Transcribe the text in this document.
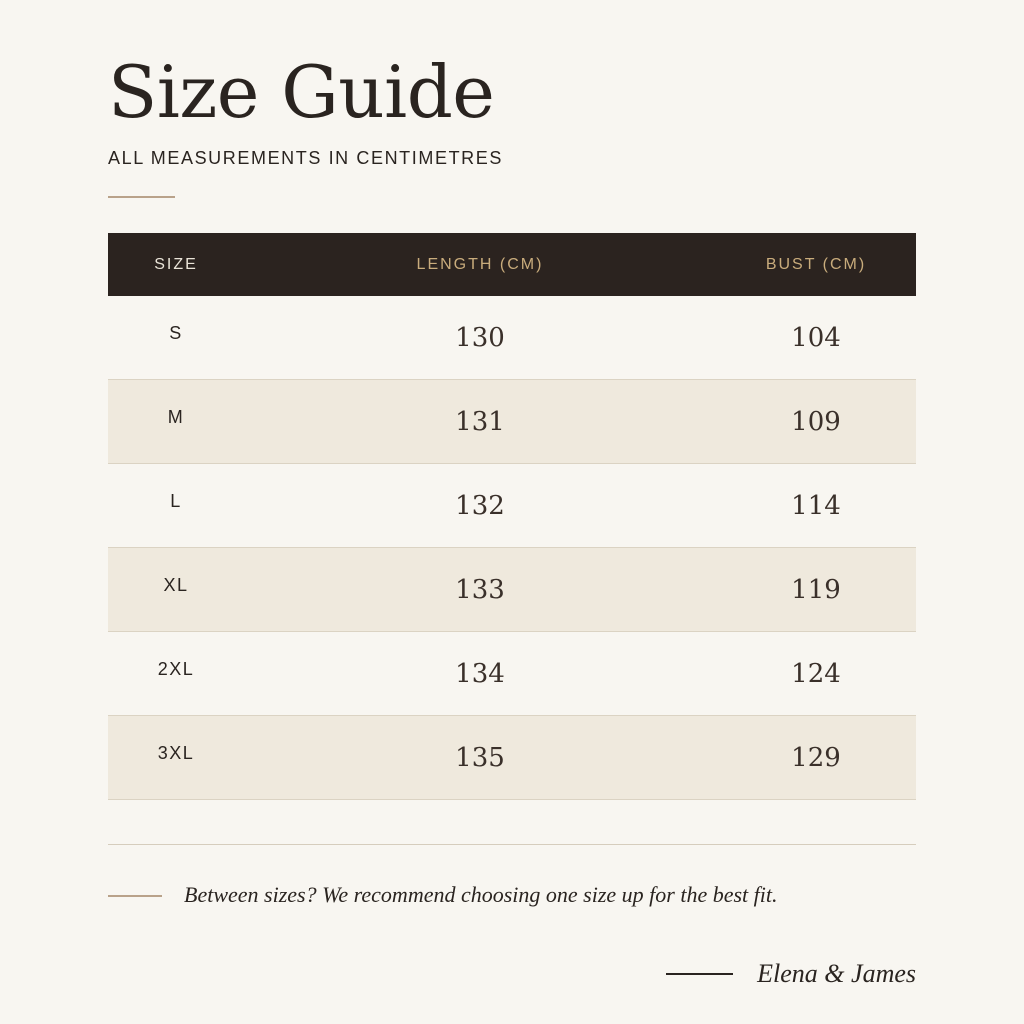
Size Guide
ALL MEASUREMENTS IN CENTIMETRES
SIZE	LENGTH (CM)	BUST (CM)
S	130	104
M	131	109
L	132	114
XL	133	119
2XL	134	124
3XL	135	129
Between sizes? We recommend choosing one size up for the best fit.
Elena & James
